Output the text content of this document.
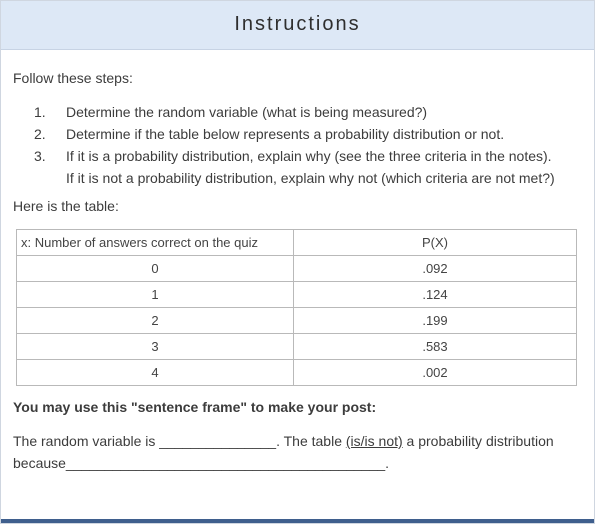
Instructions
Follow these steps:
1.	Determine the random variable (what is being measured?)
2.	Determine if the table below represents a probability distribution or not.
3.	If it is a probability distribution, explain why (see the three criteria in the notes).
If it is not a probability distribution, explain why not (which criteria are not met?)
Here is the table:
x: Number of answers correct on the quiz	P(X)
0	.092
1	.124
2	.199
3	.583
4	.002
You may use this "sentence frame" to make your post:
The random variable is _______________. The table (is/is not) a probability distribution
because_________________________________________.
